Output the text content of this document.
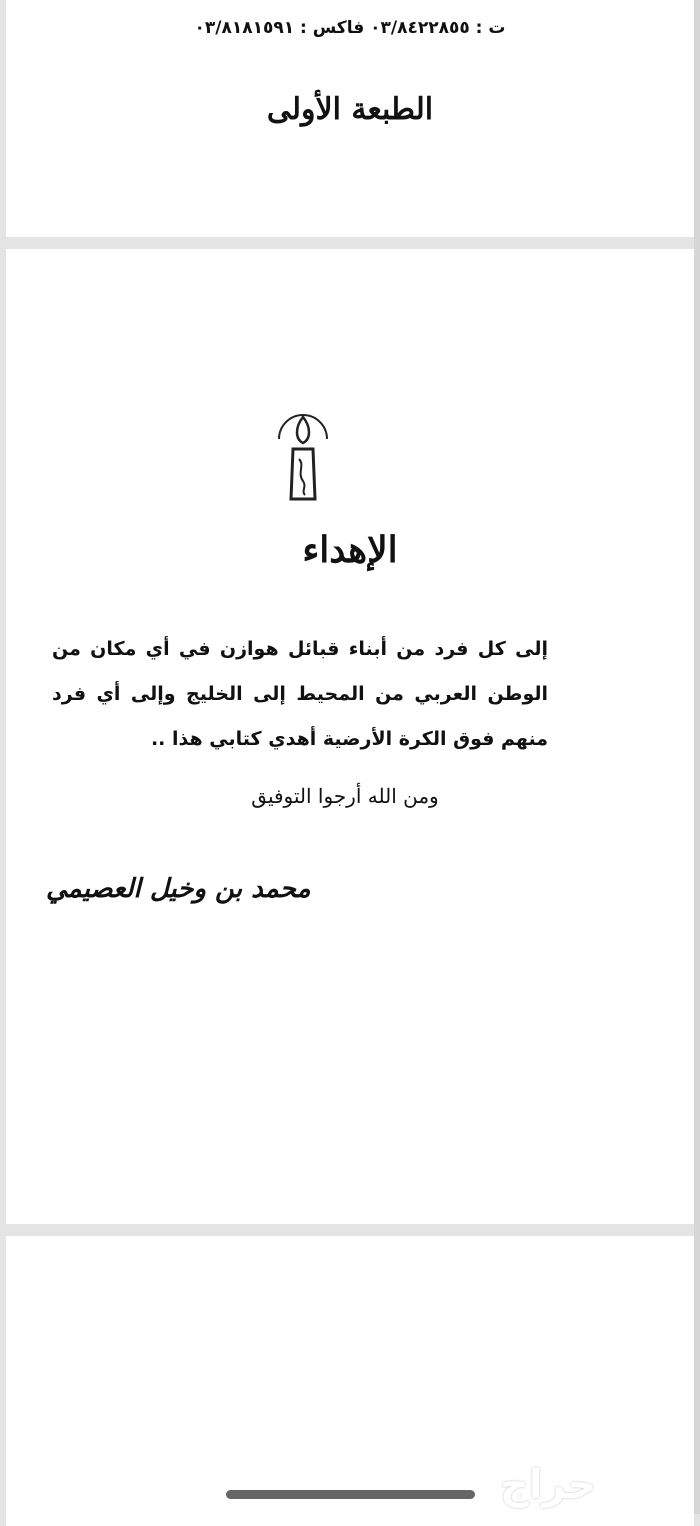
ت : ٠٣/٨٤٢٢٨٥٥ فاكس : ٠٣/٨١٨١٥٩١
الطبعة الأولى
الإهداء
إلى كل فرد من أبناء قبائل هوازن في أي مكان من الوطن العربي من المحيط إلى الخليج وإلى أي فرد منهم فوق الكرة الأرضية أهدي كتابي هذا ..
ومن الله أرجوا التوفيق
محمد بن وخيل العصيمي
حراج
